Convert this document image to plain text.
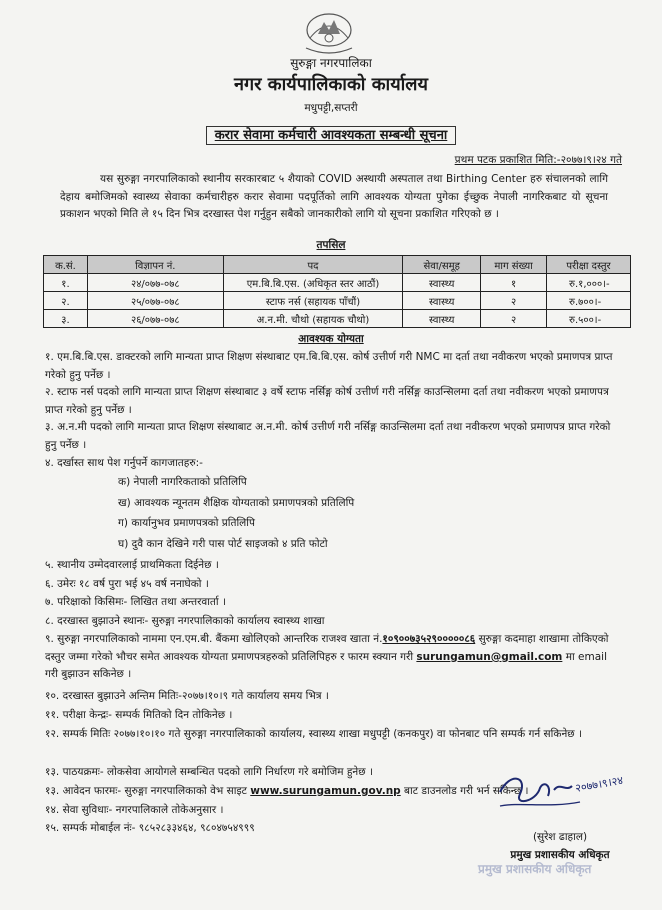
सुरुङ्गा नगरपालिका
नगर कार्यपालिकाको कार्यालय
मधुपट्टी,सप्तरी
करार सेवामा कर्मचारी आवश्यकता सम्बन्धी सूचना
प्रथम पटक प्रकाशित मिति:-२०७७।९।२४ गते
यस सुरुङ्गा नगरपालिकाको स्थानीय सरकारबाट ५ शैयाको COVID अस्थायी अस्पताल तथा Birthing Center हरु संचालनको लागि देहाय बमोजिमको स्वास्थ्य सेवाका कर्मचारीहरु करार सेवामा पदपूर्तिको लागि आवश्यक योग्यता पुगेका ईच्छुक नेपाली नागरिकबाट यो सूचना प्रकाशन भएको मिति ले १५ दिन भित्र दरखास्त पेश गर्नुहुन सबैको जानकारीको लागि यो सूचना प्रकाशित गरिएको छ ।
तपसिल
क.सं.	विज्ञापन नं.	पद	सेवा/समूह	माग संख्या	परीक्षा दस्तुर
१.	२४/०७७-०७८	एम.बि.बि.एस. (अधिकृत स्तर आठौं)	स्वास्थ्य	१	रु.१,०००।-
२.	२५/०७७-०७८	स्टाफ नर्स (सहायक पाँचौं)	स्वास्थ्य	२	रु.७००।-
३.	२६/०७७-०७८	अ.न.मी. चौथो (सहायक चौथो)	स्वास्थ्य	२	रु.५००।-
आवश्यक योग्यता
१. एम.बि.बि.एस. डाक्टरको लागि मान्यता प्राप्त शिक्षण संस्थाबाट एम.बि.बि.एस. कोर्ष उत्तीर्ण गरी NMC मा दर्ता तथा नवीकरण भएको प्रमाणपत्र प्राप्त गरेको हुनु पर्नेछ ।
२. स्टाफ नर्स पदको लागि मान्यता प्राप्त शिक्षण संस्थाबाट ३ वर्षे स्टाफ नर्सिङ्ग कोर्ष उत्तीर्ण गरी नर्सिङ्ग काउन्सिलमा दर्ता तथा नवीकरण भएको प्रमाणपत्र प्राप्त गरेको हुनु पर्नेछ ।
३. अ.न.मी पदको लागि मान्यता प्राप्त शिक्षण संस्थाबाट अ.न.मी. कोर्ष उत्तीर्ण गरी नर्सिङ्ग काउन्सिलमा दर्ता तथा नवीकरण भएको प्रमाणपत्र प्राप्त गरेको हुनु पर्नेछ ।
४. दर्खास्त साथ पेश गर्नुपर्ने कागजातहरु:-
क) नेपाली नागरिकताको प्रतिलिपि
ख) आवश्यक न्यूनतम शैक्षिक योग्यताको प्रमाणपत्रको प्रतिलिपि
ग) कार्यानुभव प्रमाणपत्रको प्रतिलिपि
घ) दुवै कान देखिने गरी पास पोर्ट साइजको ४ प्रति फोटो
५. स्थानीय उम्मेदवारलाई प्राथमिकता दिईनेछ ।
६. उमेरः १८ वर्ष पुरा भई ४५ वर्ष ननाघेको ।
७. परिक्षाको किसिमः- लिखित तथा अन्तरवार्ता ।
८. दरखास्त बुझाउने स्थानः- सुरुङ्गा नगरपालिकाको कार्यालय स्वास्थ्य शाखा
९. सुरुङ्गा नगरपालिकाको नाममा एन.एम.बी. बैंकमा खोलिएको आन्तरिक राजश्व खाता नं.१०९००७३५२९०००००८६ सुरुङ्गा कदमाहा शाखामा तोकिएको दस्तुर जम्मा गरेको भौचर समेत आवश्यक योग्यता प्रमाणपत्रहरुको प्रतिलिपिहरु र फारम स्क्यान गरी surungamun@gmail.com मा email गरी बुझाउन सकिनेछ ।
१०. दरखास्त बुझाउने अन्तिम मितिः-२०७७।१०।९ गते कार्यालय समय भित्र ।
११. परीक्षा केन्द्रः- सम्पर्क मितिको दिन तोकिनेछ ।
१२. सम्पर्क मितिः २०७७।१०।१० गते सुरुङ्गा नगरपालिकाको कार्यालय, स्वास्थ्य शाखा मधुपट्टी (कनकपुर) वा फोनबाट पनि सम्पर्क गर्न सकिनेछ ।
१३. पाठयक्रमः- लोकसेवा आयोगले सम्बन्धित पदको लागि निर्धारण गरे बमोजिम हुनेछ ।
१३. आवेदन फारमः- सुरुङ्गा नगरपालिकाको वेभ साइट www.surungamun.gov.np बाट डाउनलोड गरी भर्न सकिन्छ ।
१४. सेवा सुविधाः- नगरपालिकाले तोकेअनुसार ।
१५. सम्पर्क मोबाईल नंः- ९८५२८३३४६४, ९८०४७५४९९९
२०७७।९।२४
(सुरेश ढाहाल)
प्रमुख प्रशासकीय अधिकृत
प्रमुख प्रशासकीय अधिकृत
